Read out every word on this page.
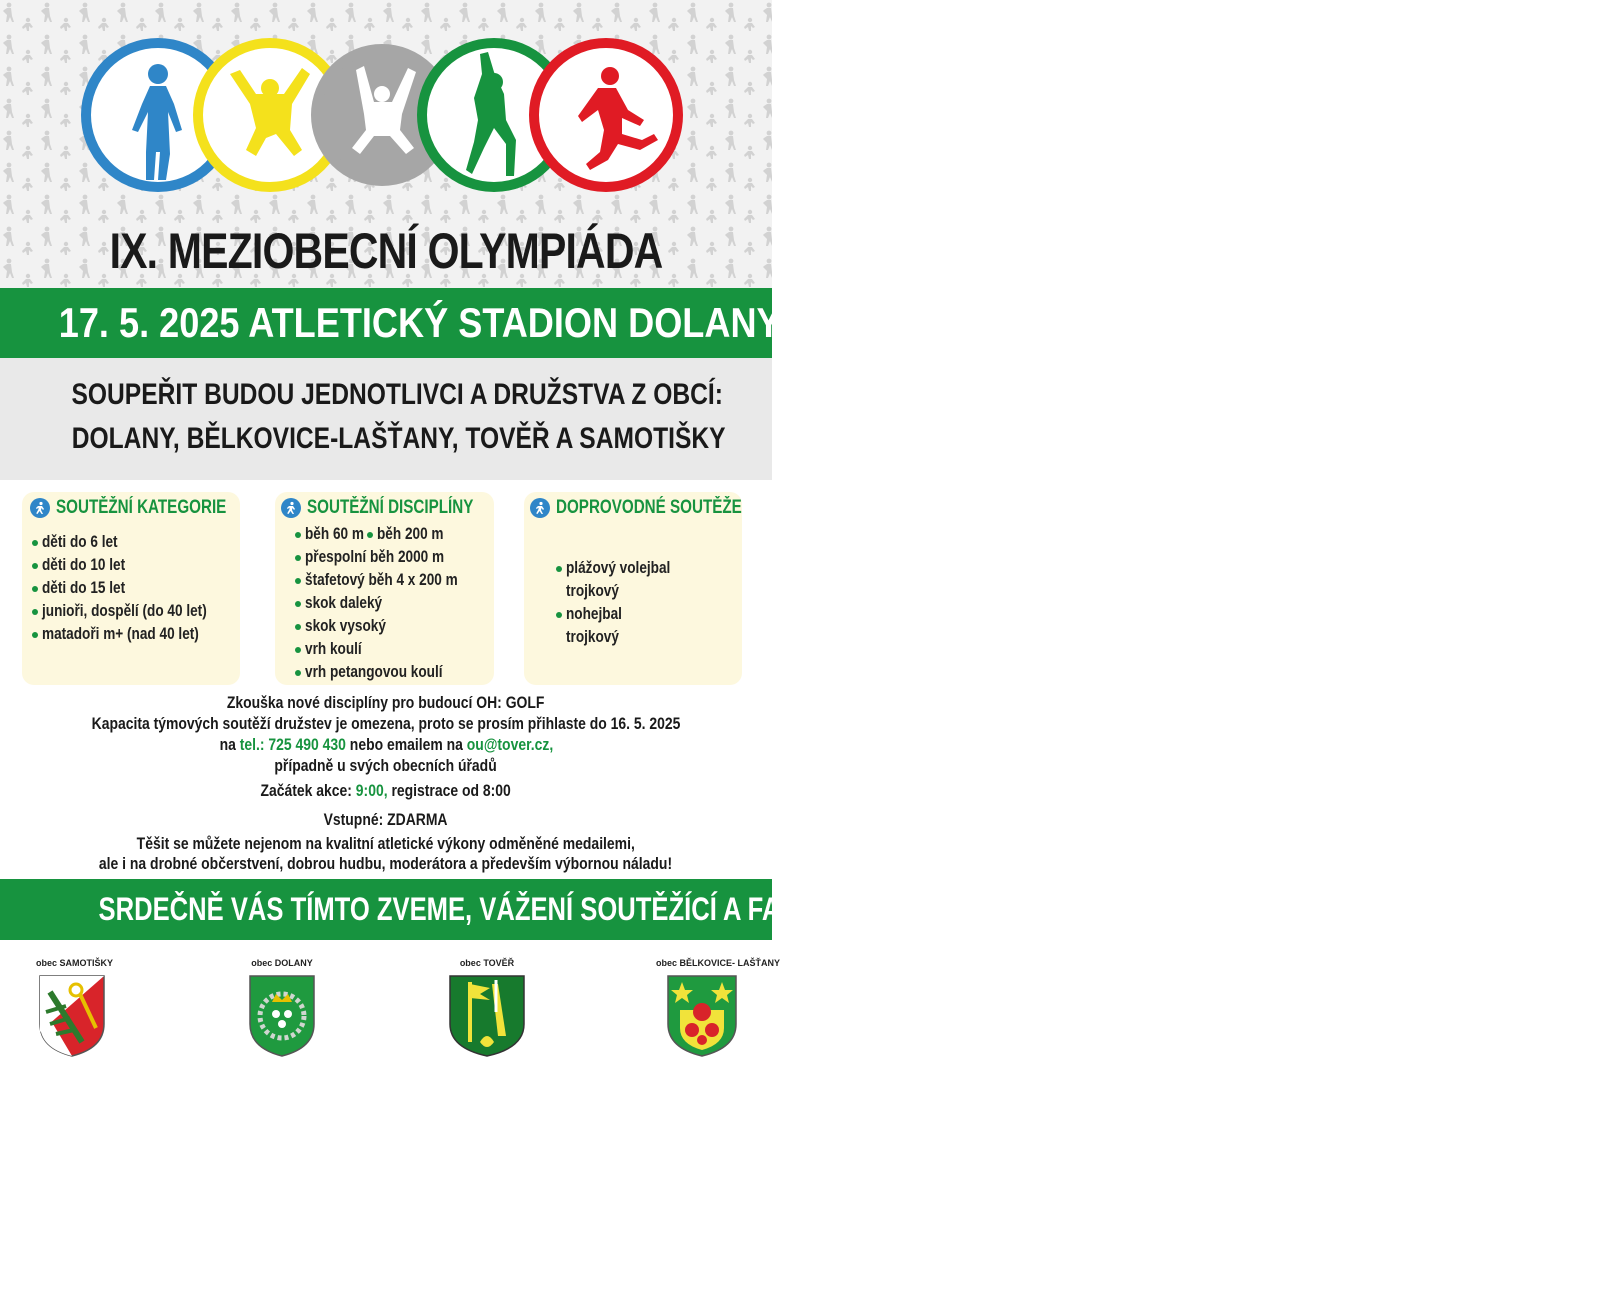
IX. MEZIOBECNÍ OLYMPIÁDA
17. 5. 2025 ATLETICKÝ STADION DOLANY
SOUPEŘIT BUDOU JEDNOTLIVCI A DRUŽSTVA Z OBCÍ:
DOLANY, BĚLKOVICE-LAŠŤANY, TOVĚŘ A SAMOTIŠKY
SOUTĚŽNÍ KATEGORIE
děti do 6 let
děti do 10 let
děti do 15 let
junioři, dospělí (do 40 let)
matadoři m+ (nad 40 let)
SOUTĚŽNÍ DISCIPLÍNY
běh 60 m běh 200 m
přespolní běh 2000 m
štafetový běh 4 x 200 m
skok daleký
skok vysoký
vrh koulí
vrh petangovou koulí
DOPROVODNÉ SOUTĚŽE
plážový volejbal
trojkový
nohejbal
trojkový
Zkouška nové disciplíny pro budoucí OH: GOLF
Kapacita týmových soutěží družstev je omezena, proto se prosím přihlaste do 16. 5. 2025
na tel.: 725 490 430 nebo emailem na ou@tover.cz,
případně u svých obecních úřadů
Začátek akce: 9:00, registrace od 8:00
Vstupné: ZDARMA
Těšit se můžete nejenom na kvalitní atletické výkony odměněné medailemi,
ale i na drobné občerstvení, dobrou hudbu, moderátora a především výbornou náladu!
SRDEČNĚ VÁS TÍMTO ZVEME, VÁŽENÍ SOUTĚŽÍCÍ A FANDOVÉ !
obec SAMOTIŠKY	obec DOLANY	obec TOVĚŘ	obec BĚLKOVICE- LAŠŤANY
